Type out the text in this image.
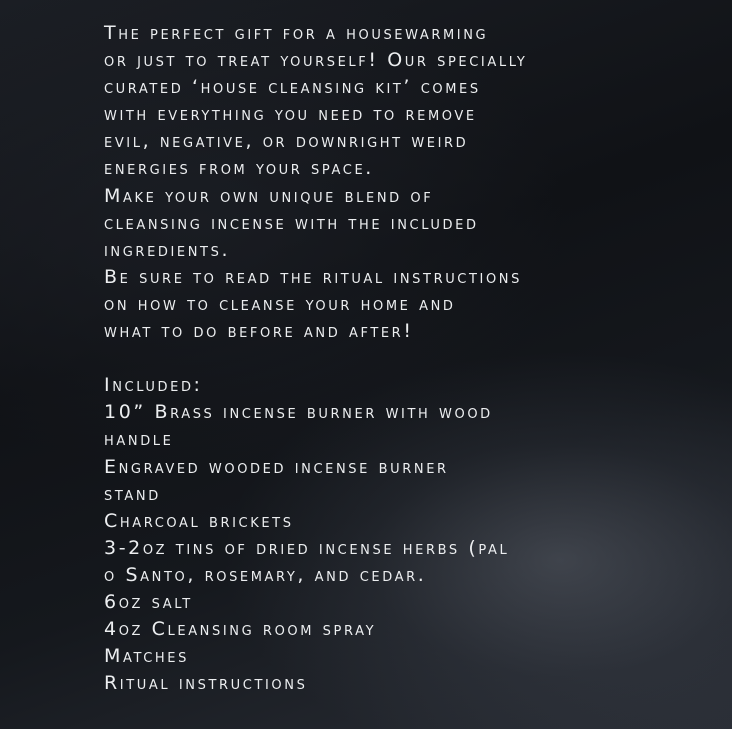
The perfect gift for a housewarming
or just to treat yourself! Our specially
curated ‘house cleansing kit’ comes
with everything you need to remove
evil, negative, or downright weird
energies from your space.
Make your own unique blend of
cleansing incense with the included
ingredients.
Be sure to read the ritual instructions
on how to cleanse your home and
what to do before and after!
Included:
10” Brass incense burner with wood
handle
Engraved wooded incense burner
stand
Charcoal brickets
3-2oz tins of dried incense herbs (pal
o Santo, rosemary, and cedar.
6oz salt
4oz Cleansing room spray
Matches
Ritual instructions
